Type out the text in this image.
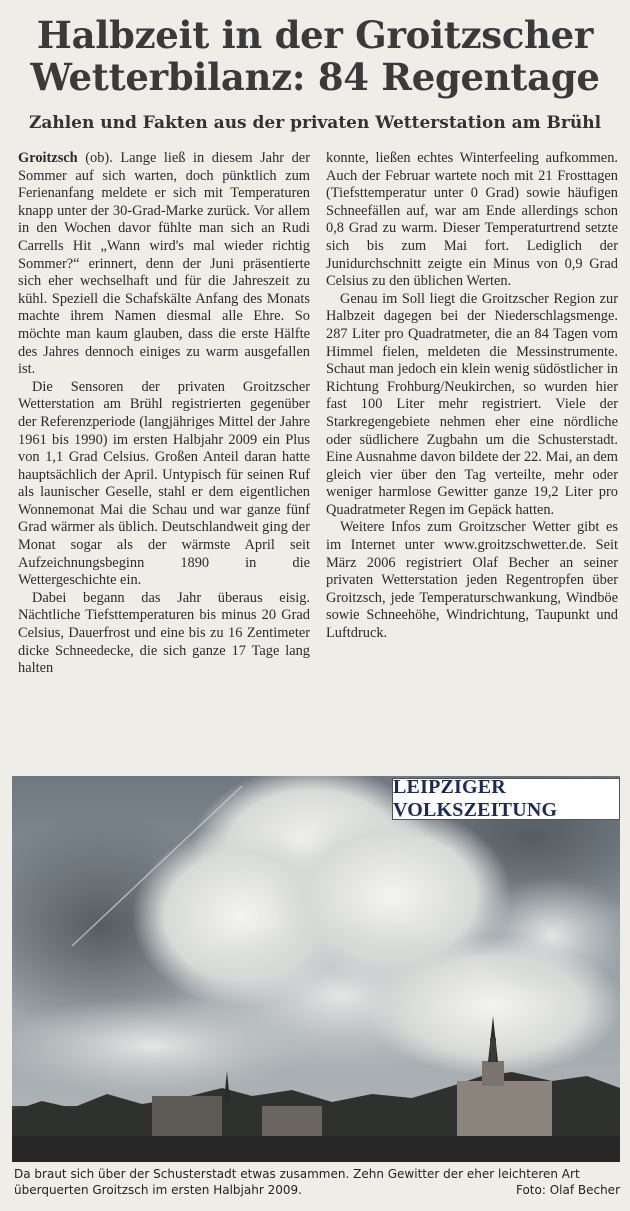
Halbzeit in der Groitzscher
Wetterbilanz: 84 Regentage
Zahlen und Fakten aus der privaten Wetterstation am Brühl

Groitzsch (ob). Lange ließ in diesem Jahr der Sommer auf sich warten, doch pünktlich zum Ferienanfang meldete er sich mit Temperaturen knapp unter der 30-Grad-Marke zurück. Vor allem in den Wochen davor fühlte man sich an Rudi Carrells Hit „Wann wird's mal wieder richtig Sommer?“ erinnert, denn der Juni präsentierte sich eher wechselhaft und für die Jahreszeit zu kühl. Speziell die Schafskälte Anfang des Monats machte ihrem Namen diesmal alle Ehre. So möchte man kaum glauben, dass die erste Hälfte des Jahres dennoch einiges zu warm ausgefallen ist.

Die Sensoren der privaten Groitzscher Wetterstation am Brühl registrierten gegenüber der Referenzperiode (langjähriges Mittel der Jahre 1961 bis 1990) im ersten Halbjahr 2009 ein Plus von 1,1 Grad Celsius. Großen Anteil daran hatte hauptsächlich der April. Untypisch für seinen Ruf als launischer Geselle, stahl er dem eigentlichen Wonnemonat Mai die Schau und war ganze fünf Grad wärmer als üblich. Deutschlandweit ging der Monat sogar als der wärmste April seit Aufzeichnungsbeginn 1890 in die Wettergeschichte ein.

Dabei begann das Jahr überaus eisig. Nächtliche Tiefsttemperaturen bis minus 20 Grad Celsius, Dauerfrost und eine bis zu 16 Zentimeter dicke Schneedecke, die sich ganze 17 Tage lang halten

konnte, ließen echtes Winterfeeling aufkommen. Auch der Februar wartete noch mit 21 Frosttagen (Tiefsttemperatur unter 0 Grad) sowie häufigen Schneefällen auf, war am Ende allerdings schon 0,8 Grad zu warm. Dieser Temperaturtrend setzte sich bis zum Mai fort. Lediglich der Junidurchschnitt zeigte ein Minus von 0,9 Grad Celsius zu den üblichen Werten.

Genau im Soll liegt die Groitzscher Region zur Halbzeit dagegen bei der Niederschlagsmenge. 287 Liter pro Quadratmeter, die an 84 Tagen vom Himmel fielen, meldeten die Messinstrumente. Schaut man jedoch ein klein wenig südöstlicher in Richtung Frohburg/Neukirchen, so wurden hier fast 100 Liter mehr registriert. Viele der Starkregengebiete nehmen eher eine nördliche oder südlichere Zugbahn um die Schusterstadt. Eine Ausnahme davon bildete der 22. Mai, an dem gleich vier über den Tag verteilte, mehr oder weniger harmlose Gewitter ganze 19,2 Liter pro Quadratmeter Regen im Gepäck hatten.

Weitere Infos zum Groitzscher Wetter gibt es im Internet unter www.groitzschwetter.de. Seit März 2006 registriert Olaf Becher an seiner privaten Wetterstation jeden Regentropfen über Groitzsch, jede Temperaturschwankung, Windböe sowie Schneehöhe, Windrichtung, Taupunkt und Luftdruck.

LEIPZIGER VOLKSZEITUNG
Da braut sich über der Schusterstadt etwas zusammen. Zehn Gewitter der eher leichteren Art überquerten Groitzsch im ersten Halbjahr 2009.	Foto: Olaf Becher
